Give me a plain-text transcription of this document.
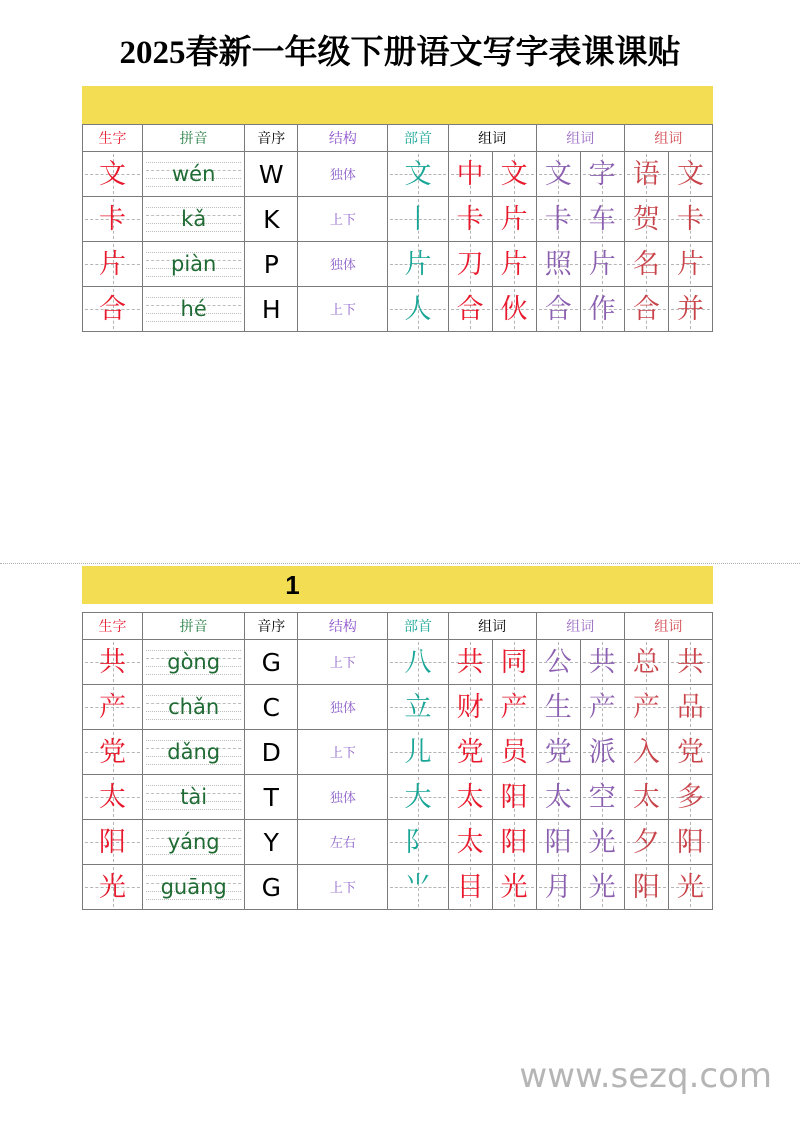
2025春新一年级下册语文写字表课课贴
生字	拼音	音序	结构	部首	组词		组词		组词	

文	wén	W	独体	文	中	文	文	字	语	文

卡	kǎ	K	上下	丨	卡	片	卡	车	贺	卡

片	piàn	P	独体	片	刀	片	照	片	名	片

合	hé	H	上下	人	合	伙	合	作	合	并
1
生字	拼音	音序	结构	部首	组词		组词		组词	

共	gòng	G	上下	八	共	同	公	共	总	共

产	chǎn	C	独体	立	财	产	生	产	产	品

党	dǎng	D	上下	儿	党	员	党	派	入	党

太	tài	T	独体	大	太	阳	太	空	太	多

阳	yáng	Y	左右	阝	太	阳	阳	光	夕	阳

光	guāng	G	上下	⺌	目	光	月	光	阳	光
www.sezq.com
